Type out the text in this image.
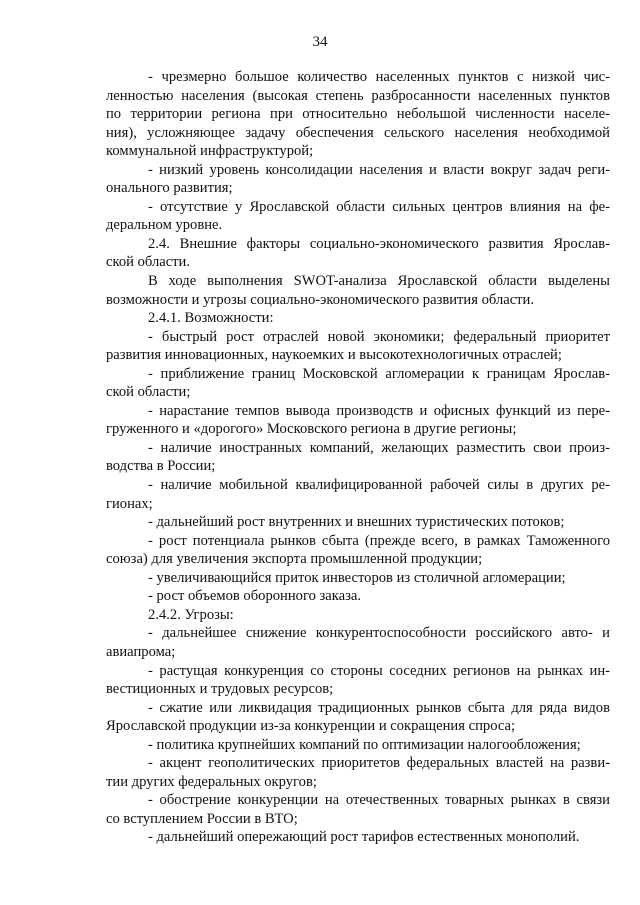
34
- чрезмерно большое количество населенных пунктов с низкой чис-
ленностью населения (высокая степень разбросанности населенных пунктов
по территории региона при относительно небольшой численности населе-
ния), усложняющее задачу обеспечения сельского населения необходимой
коммунальной инфраструктурой;
- низкий уровень консолидации населения и власти вокруг задач реги-
онального развития;
- отсутствие у Ярославской области сильных центров влияния на фе-
деральном уровне.
2.4. Внешние факторы социально-экономического развития Ярослав-
ской области.
В ходе выполнения SWOT-анализа Ярославской области выделены
возможности и угрозы социально-экономического развития области.
2.4.1. Возможности:
- быстрый рост отраслей новой экономики; федеральный приоритет
развития инновационных, наукоемких и высокотехнологичных отраслей;
- приближение границ Московской агломерации к границам Ярослав-
ской области;
- нарастание темпов вывода производств и офисных функций из пере-
груженного и «дорогого» Московского региона в другие регионы;
- наличие иностранных компаний, желающих разместить свои произ-
водства в России;
- наличие мобильной квалифицированной рабочей силы в других ре-
гионах;
- дальнейший рост внутренних и внешних туристических потоков;
- рост потенциала рынков сбыта (прежде всего, в рамках Таможенного
союза) для увеличения экспорта промышленной продукции;
- увеличивающийся приток инвесторов из столичной агломерации;
- рост объемов оборонного заказа.
2.4.2. Угрозы:
- дальнейшее снижение конкурентоспособности российского авто- и
авиапрома;
- растущая конкуренция со стороны соседних регионов на рынках ин-
вестиционных и трудовых ресурсов;
- сжатие или ликвидация традиционных рынков сбыта для ряда видов
Ярославской продукции из-за конкуренции и сокращения спроса;
- политика крупнейших компаний по оптимизации налогообложения;
- акцент геополитических приоритетов федеральных властей на разви-
тии других федеральных округов;
- обострение конкуренции на отечественных товарных рынках в связи
со вступлением России в ВТО;
- дальнейший опережающий рост тарифов естественных монополий.
